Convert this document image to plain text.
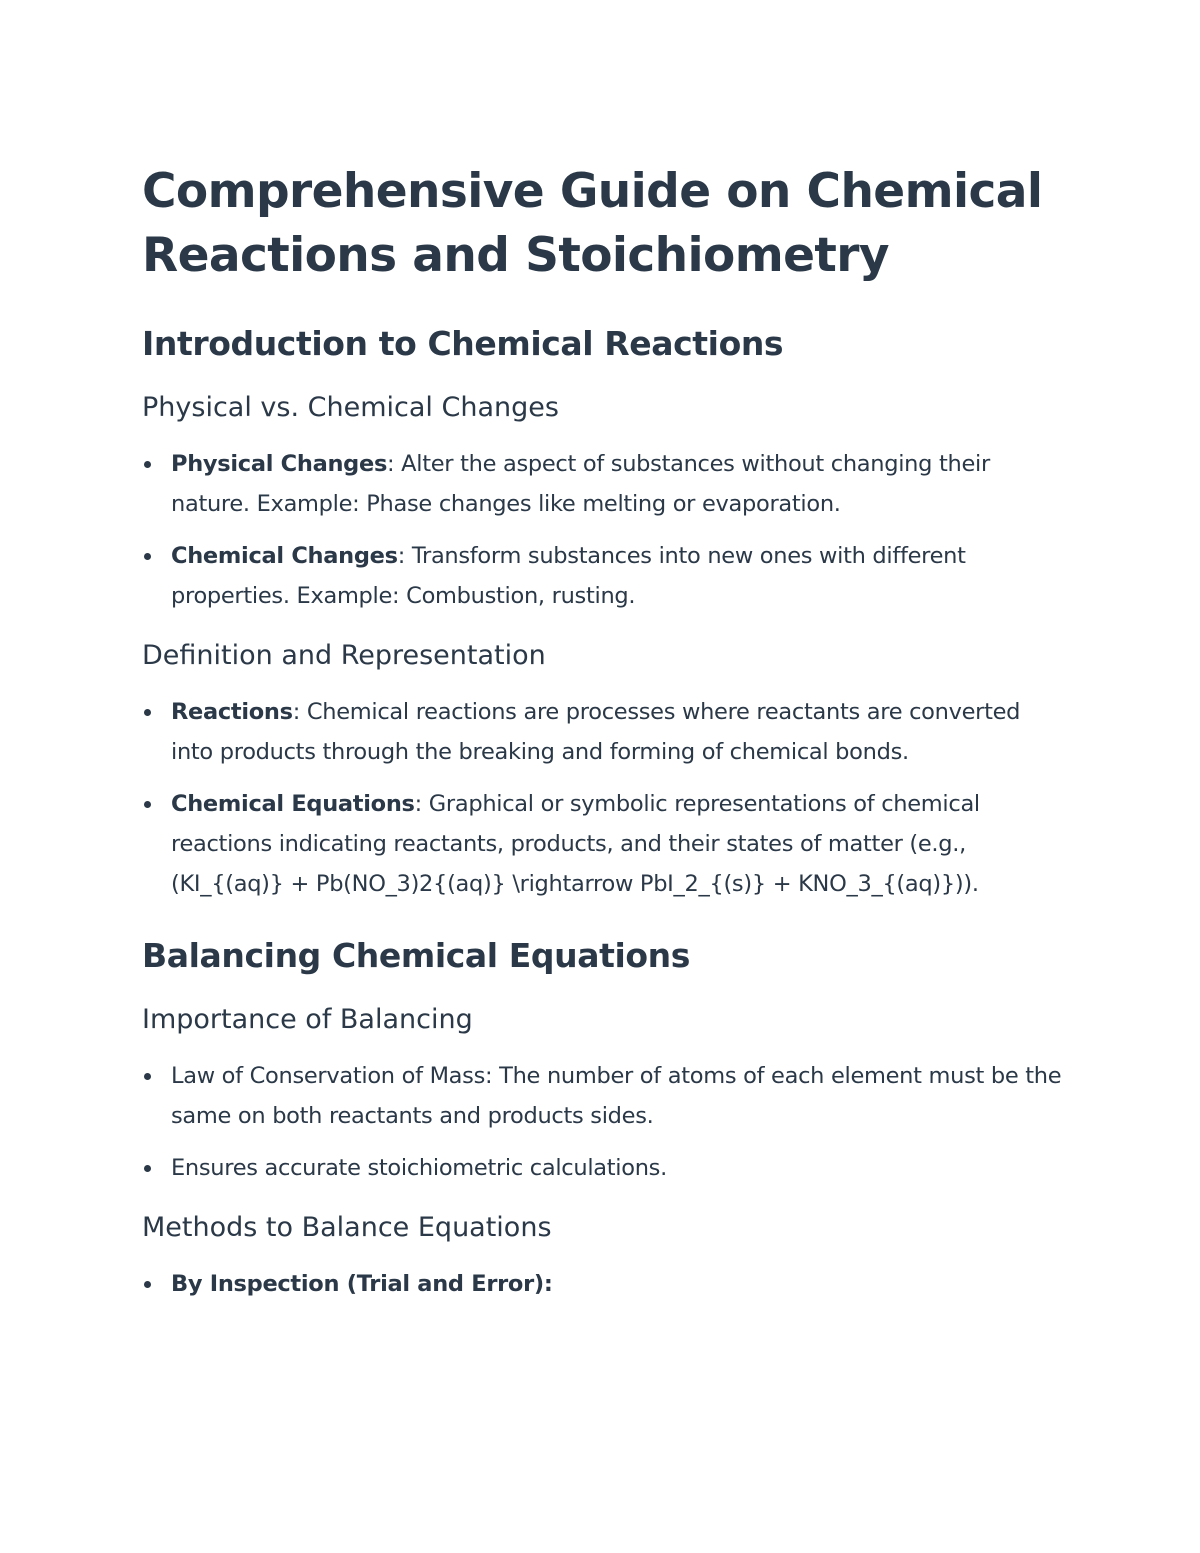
Comprehensive Guide on Chemical Reactions and Stoichiometry
Introduction to Chemical Reactions
Physical vs. Chemical Changes
Physical Changes: Alter the aspect of substances without changing their nature. Example: Phase changes like melting or evaporation.
Chemical Changes: Transform substances into new ones with different properties. Example: Combustion, rusting.
Definition and Representation
Reactions: Chemical reactions are processes where reactants are converted into products through the breaking and forming of chemical bonds.
Chemical Equations: Graphical or symbolic representations of chemical reactions indicating reactants, products, and their states of matter (e.g., (KI_{(aq)} + Pb(NO_3)2{(aq)} \rightarrow PbI_2_{(s)} + KNO_3_{(aq)})).
Balancing Chemical Equations
Importance of Balancing
Law of Conservation of Mass: The number of atoms of each element must be the same on both reactants and products sides.
Ensures accurate stoichiometric calculations.
Methods to Balance Equations
By Inspection (Trial and Error):
